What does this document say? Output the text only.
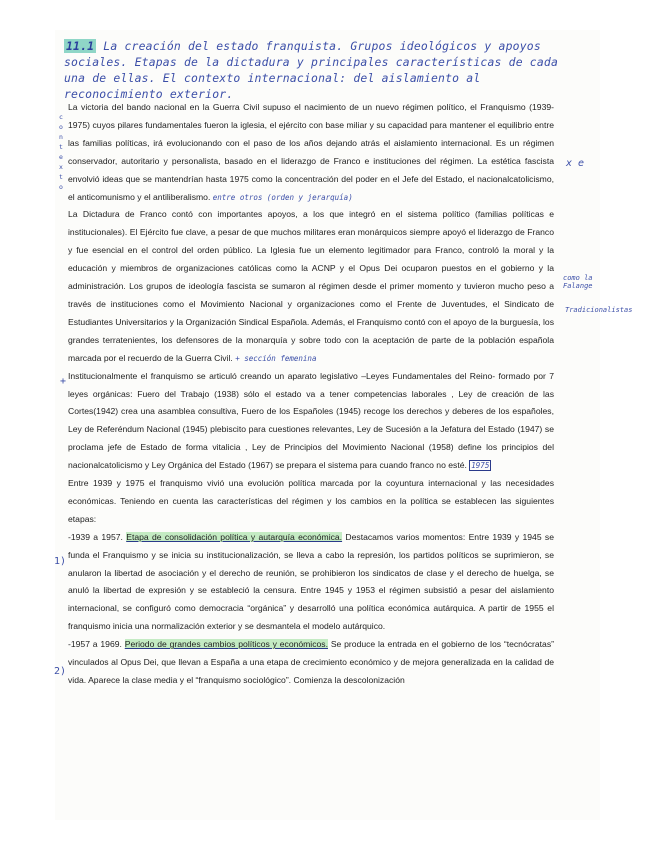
11.1 La creación del estado franquista. Grupos ideológicos y apoyos sociales. Etapas de la dictadura y principales características de cada una de ellas. El contexto internacional: del aislamiento al reconocimiento exterior.
c o n t e x t o
x e
como la Falange
Tradicionalistas
+
1)
2)

La victoria del bando nacional en la Guerra Civil supuso el nacimiento de un nuevo régimen político, el Franquismo (1939-1975) cuyos pilares fundamentales fueron la iglesia, el ejército con base miliar y su capacidad para mantener el equilibrio entre las familias políticas, irá evolucionando con el paso de los años dejando atrás el aislamiento internacional. Es un régimen conservador, autoritario y personalista, basado en el liderazgo de Franco e instituciones del régimen. La estética fascista envolvió ideas que se mantendrían hasta 1975 como la concentración del poder en el Jefe del Estado, el nacionalcatolicismo, el anticomunismo y el antiliberalismo. entre otros (orden y jerarquía)

La Dictadura de Franco contó con importantes apoyos, a los que integró en el sistema político (familias políticas e institucionales). El Ejército fue clave, a pesar de que muchos militares eran monárquicos siempre apoyó el liderazgo de Franco y fue esencial en el control del orden público. La Iglesia fue un elemento legitimador para Franco, controló la moral y la educación y miembros de organizaciones católicas como la ACNP y el Opus Dei ocuparon puestos en el gobierno y la administración. Los grupos de ideología fascista se sumaron al régimen desde el primer momento y tuvieron mucho peso a través de instituciones como el Movimiento Nacional y organizaciones como el Frente de Juventudes, el Sindicato de Estudiantes Universitarios y la Organización Sindical Española. Además, el Franquismo contó con el apoyo de la burguesía, los grandes terratenientes, los defensores de la monarquía y sobre todo con la aceptación de parte de la población española marcada por el recuerdo de la Guerra Civil. + sección femenina

Institucionalmente el franquismo se articuló creando un aparato legislativo –Leyes Fundamentales del Reino- formado por 7 leyes orgánicas: Fuero del Trabajo (1938) sólo el estado va a tener competencias laborales , Ley de creación de las Cortes(1942) crea una asamblea consultiva, Fuero de los Españoles (1945) recoge los derechos y deberes de los españoles, Ley de Referéndum Nacional (1945) plebiscito para cuestiones relevantes, Ley de Sucesión a la Jefatura del Estado (1947) se proclama jefe de Estado de forma vitalicia , Ley de Principios del Movimiento Nacional (1958) define los principios del nacionalcatolicismo y Ley Orgánica del Estado (1967) se prepara el sistema para cuando franco no esté. 1975

Entre 1939 y 1975 el franquismo vivió una evolución política marcada por la coyuntura internacional y las necesidades económicas. Teniendo en cuenta las características del régimen y los cambios en la política se establecen las siguientes etapas:

-1939 a 1957. Etapa de consolidación política y autarquía económica. Destacamos varios momentos: Entre 1939 y 1945 se funda el Franquismo y se inicia su institucionalización, se lleva a cabo la represión, los partidos políticos se suprimieron, se anularon la libertad de asociación y el derecho de reunión, se prohibieron los sindicatos de clase y el derecho de huelga, se anuló la libertad de expresión y se estableció la censura. Entre 1945 y 1953 el régimen subsistió a pesar del aislamiento internacional, se configuró como democracia “orgánica” y desarrolló una política económica autárquica. A partir de 1955 el franquismo inicia una normalización exterior y se desmantela el modelo autárquico.

-1957 a 1969. Periodo de grandes cambios políticos y económicos. Se produce la entrada en el gobierno de los “tecnócratas” vinculados al Opus Dei, que llevan a España a una etapa de crecimiento económico y de mejora generalizada en la calidad de vida. Aparece la clase media y el “franquismo sociológico”. Comienza la descolonización
